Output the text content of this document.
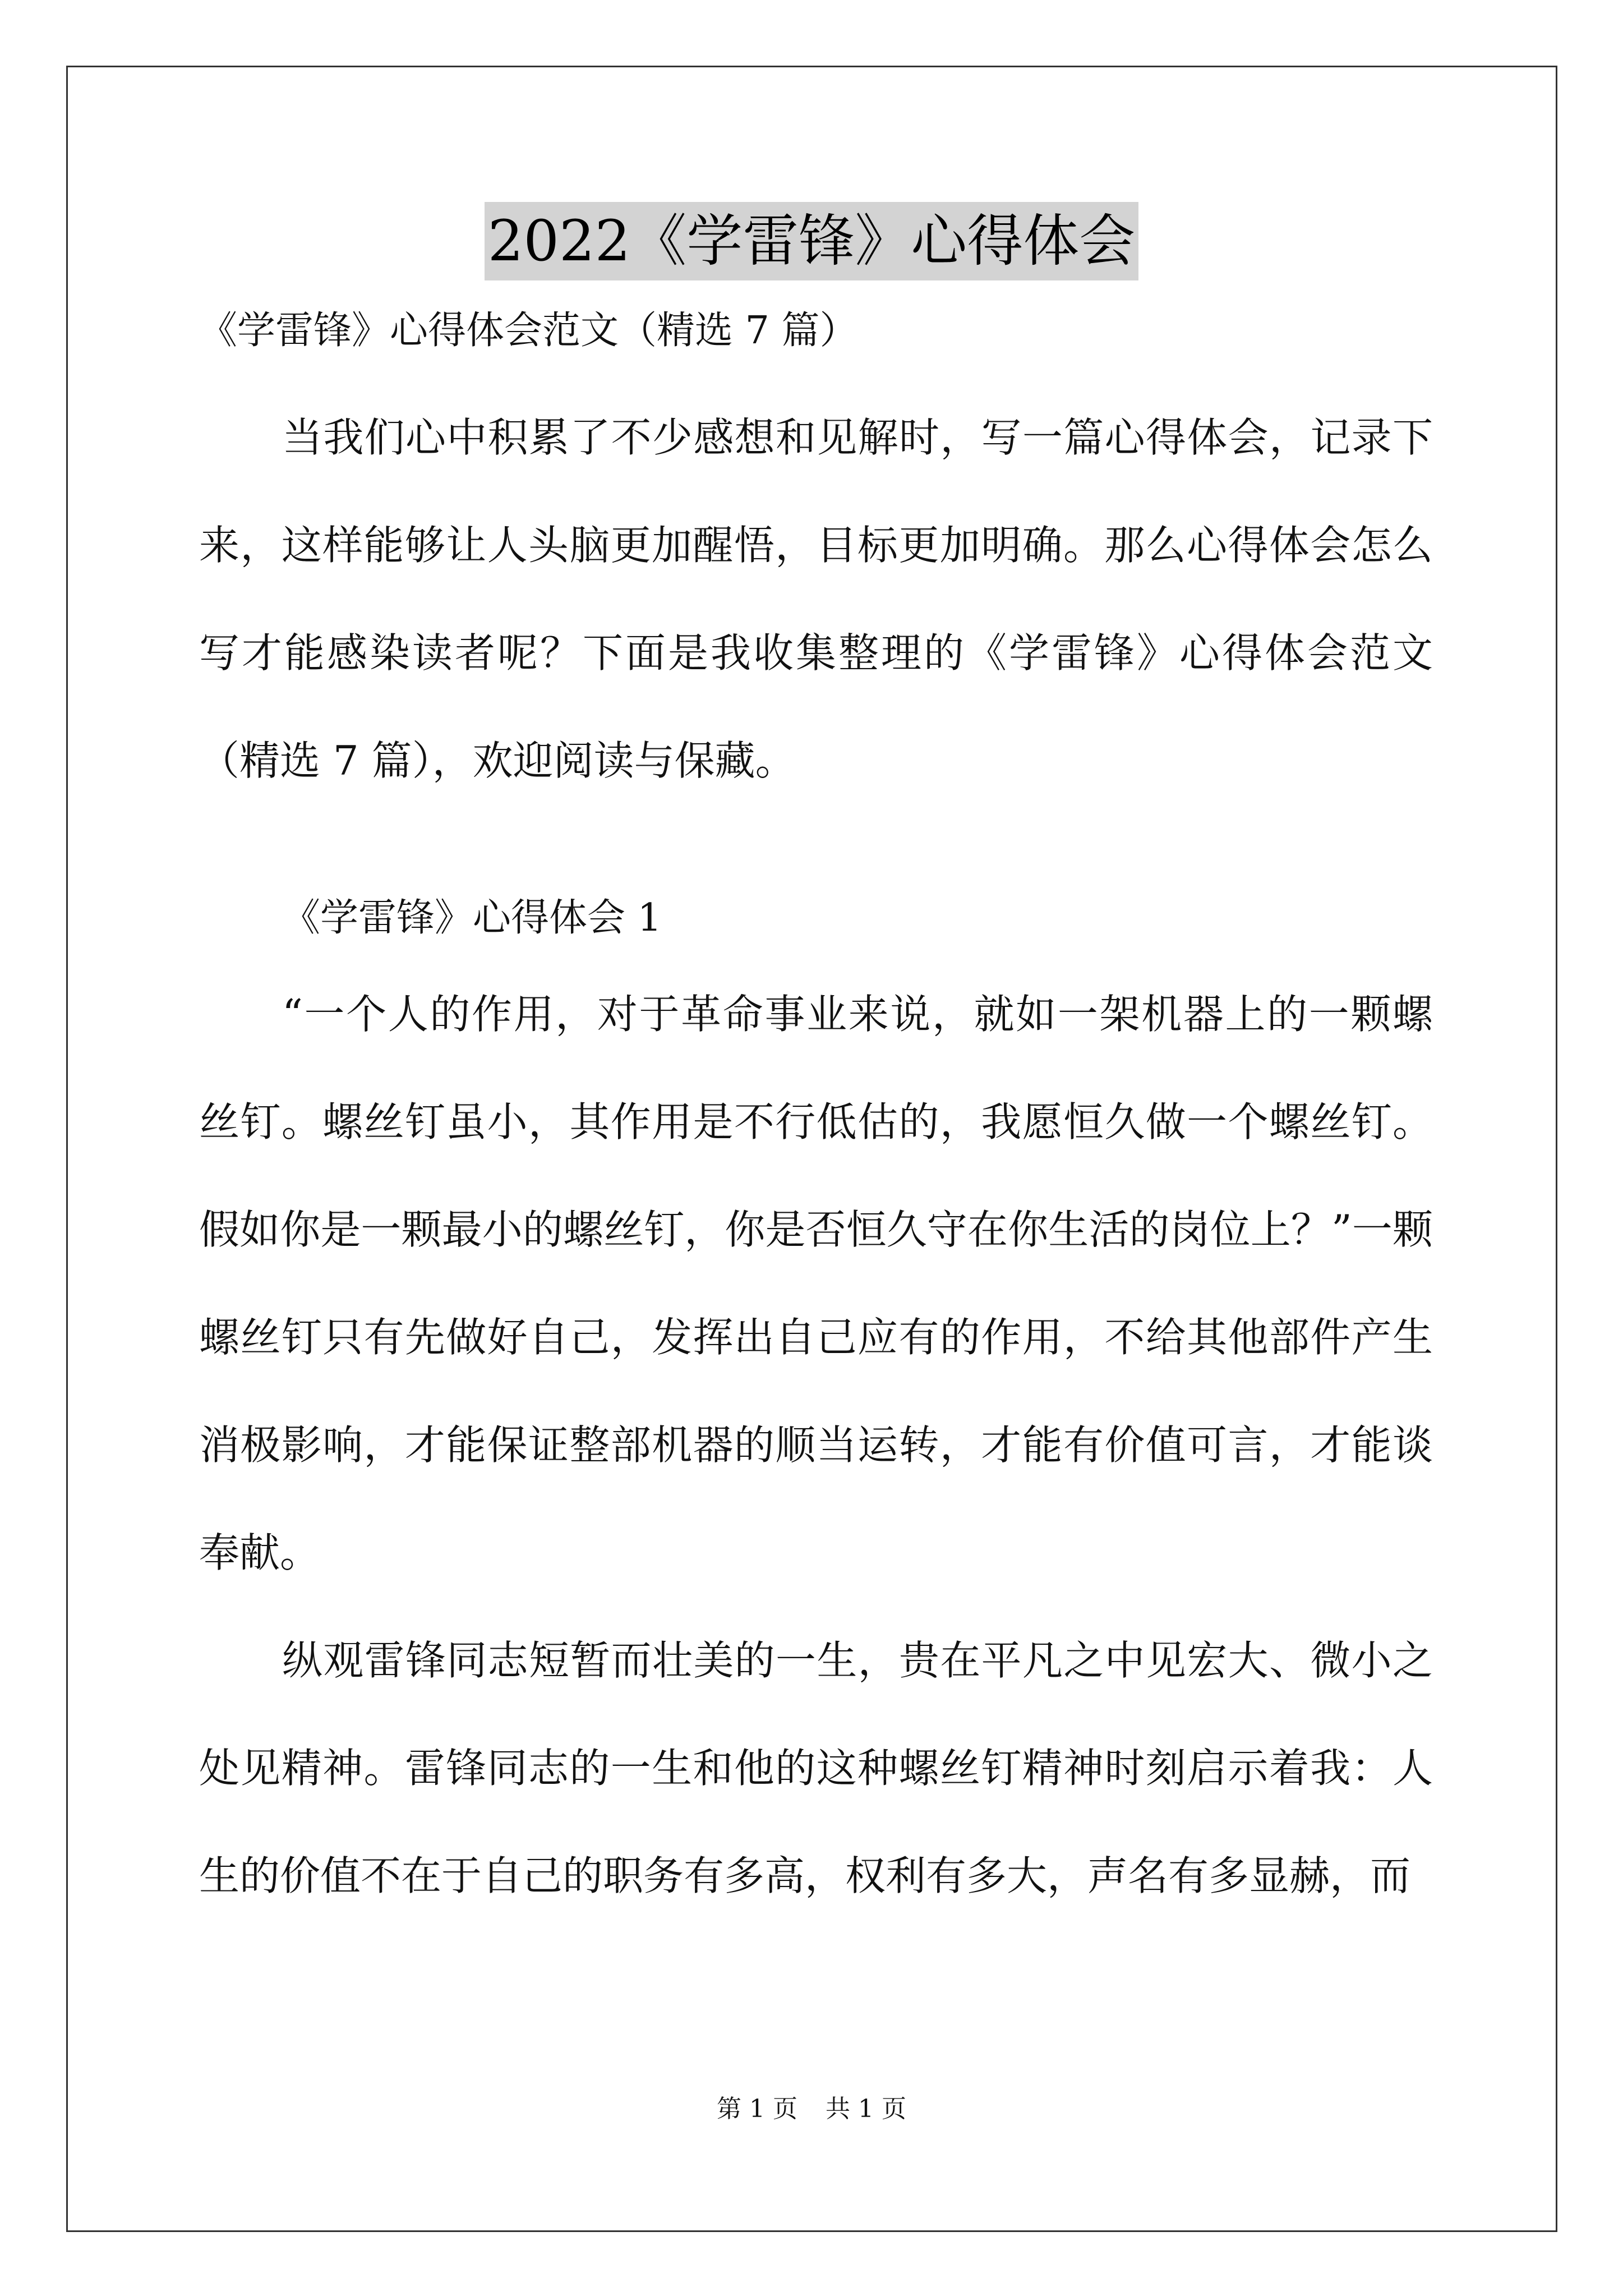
2022《学雷锋》心得体会

《学雷锋》心得体会范文（精选 7 篇）

当我们心中积累了不少感想和见解时，写一篇心得体会，记录下来，这样能够让人头脑更加醒悟，目标更加明确。那么心得体会怎么写才能感染读者呢？下面是我收集整理的《学雷锋》心得体会范文（精选 7 篇），欢迎阅读与保藏。

《学雷锋》心得体会 1

“一个人的作用，对于革命事业来说，就如一架机器上的一颗螺丝钉。螺丝钉虽小，其作用是不行低估的，我愿恒久做一个螺丝钉。假如你是一颗最小的螺丝钉，你是否恒久守在你生活的岗位上？”一颗螺丝钉只有先做好自己，发挥出自己应有的作用，不给其他部件产生消极影响，才能保证整部机器的顺当运转，才能有价值可言，才能谈奉献。

纵观雷锋同志短暂而壮美的一生，贵在平凡之中见宏大、微小之处见精神。雷锋同志的一生和他的这种螺丝钉精神时刻启示着我：人生的价值不在于自己的职务有多高，权利有多大，声名有多显赫，而

第 1 页 共 1 页
